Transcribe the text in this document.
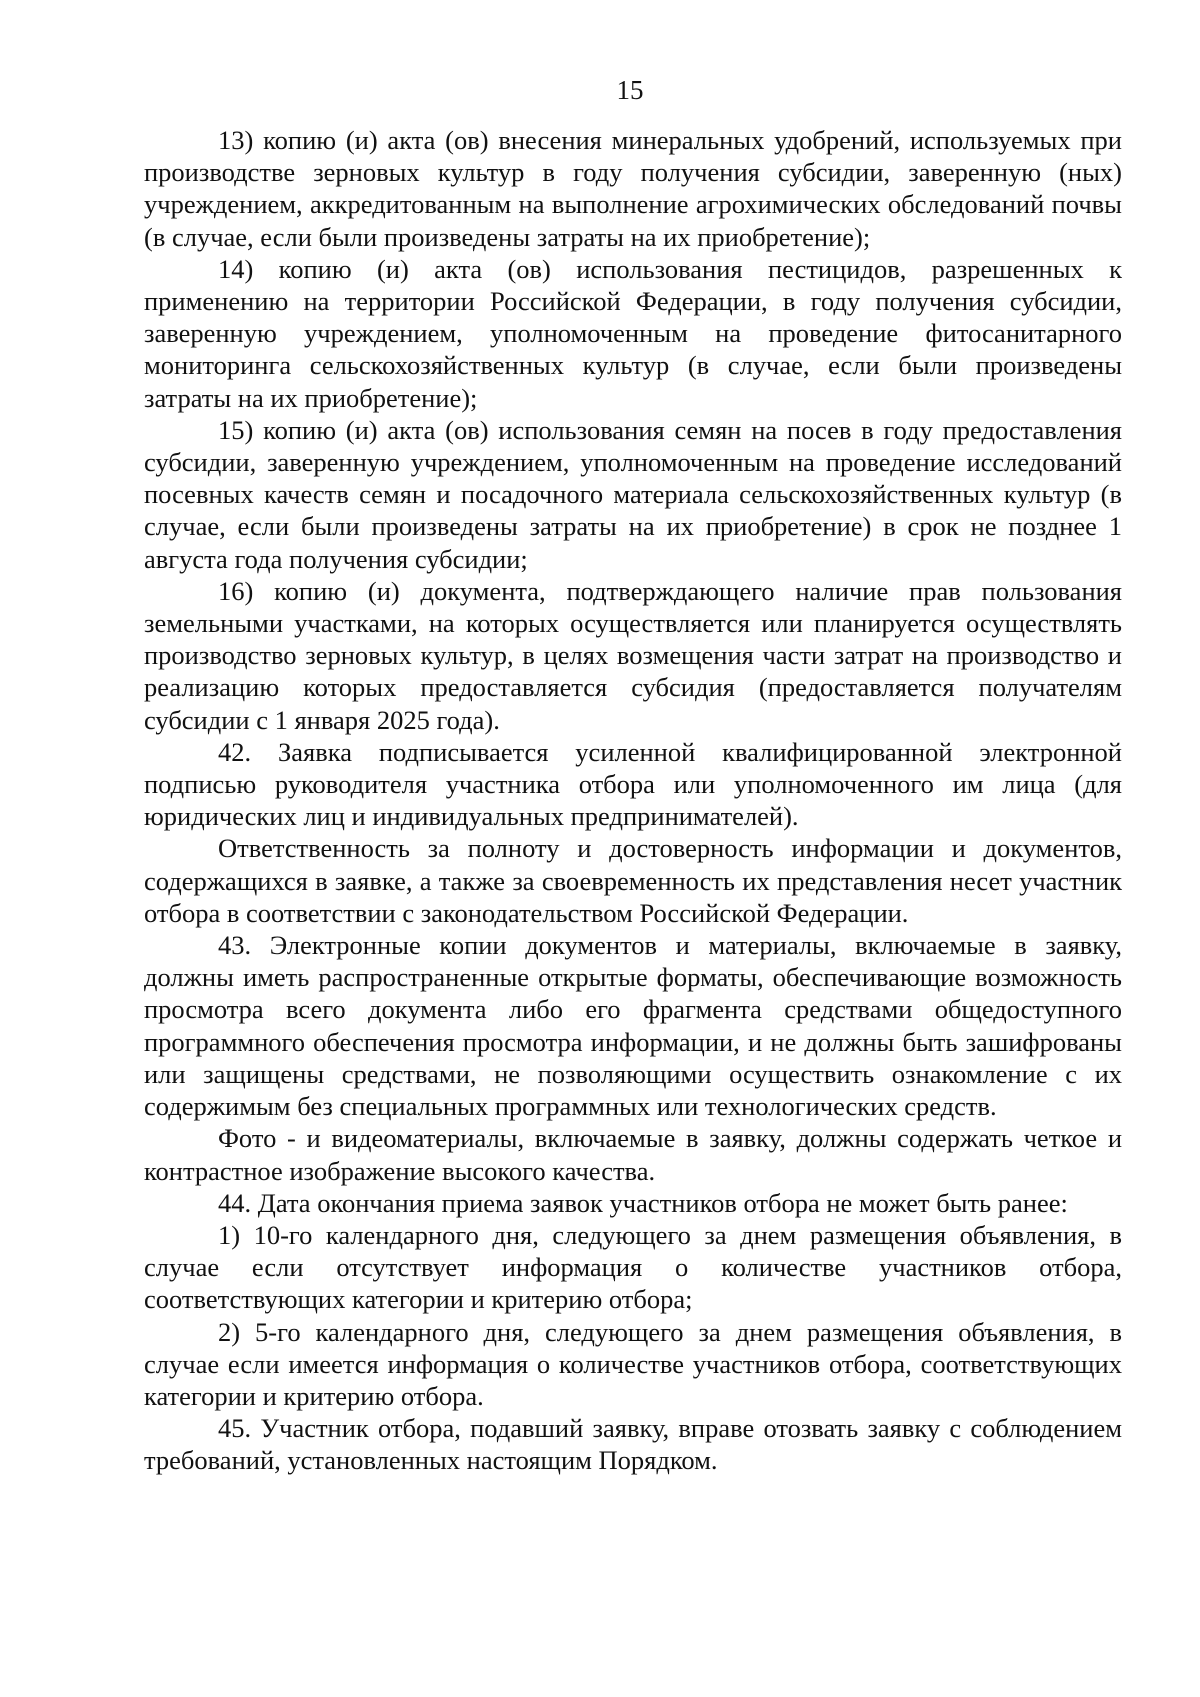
15

13) копию (и) акта (ов) внесения минеральных удобрений, используемых при производстве зерновых культур в году получения субсидии, заверенную (ных) учреждением, аккредитованным на выполнение агрохимических обследований почвы (в случае, если были произведены затраты на их приобретение);

14) копию (и) акта (ов) использования пестицидов, разрешенных к применению на территории Российской Федерации, в году получения субсидии, заверенную учреждением, уполномоченным на проведение фитосанитарного мониторинга сельскохозяйственных культур (в случае, если были произведены затраты на их приобретение);

15) копию (и) акта (ов) использования семян на посев в году предоставления субсидии, заверенную учреждением, уполномоченным на проведение исследований посевных качеств семян и посадочного материала сельскохозяйственных культур (в случае, если были произведены затраты на их приобретение) в срок не позднее 1 августа года получения субсидии;

16) копию (и) документа, подтверждающего наличие прав пользования земельными участками, на которых осуществляется или планируется осуществлять производство зерновых культур, в целях возмещения части затрат на производство и реализацию которых предоставляется субсидия (предоставляется получателям субсидии с 1 января 2025 года).

42. Заявка подписывается усиленной квалифицированной электронной подписью руководителя участника отбора или уполномоченного им лица (для юридических лиц и индивидуальных предпринимателей).

Ответственность за полноту и достоверность информации и документов, содержащихся в заявке, а также за своевременность их представления несет участник отбора в соответствии с законодательством Российской Федерации.

43. Электронные копии документов и материалы, включаемые в заявку, должны иметь распространенные открытые форматы, обеспечивающие возможность просмотра всего документа либо его фрагмента средствами общедоступного программного обеспечения просмотра информации, и не должны быть зашифрованы или защищены средствами, не позволяющими осуществить ознакомление с их содержимым без специальных программных или технологических средств.

Фото - и видеоматериалы, включаемые в заявку, должны содержать четкое и контрастное изображение высокого качества.

44. Дата окончания приема заявок участников отбора не может быть ранее:

1) 10-го календарного дня, следующего за днем размещения объявления, в случае если отсутствует информация о количестве участников отбора, соответствующих категории и критерию отбора;

2) 5-го календарного дня, следующего за днем размещения объявления, в случае если имеется информация о количестве участников отбора, соответствующих категории и критерию отбора.

45. Участник отбора, подавший заявку, вправе отозвать заявку с соблюдением требований, установленных настоящим Порядком.
